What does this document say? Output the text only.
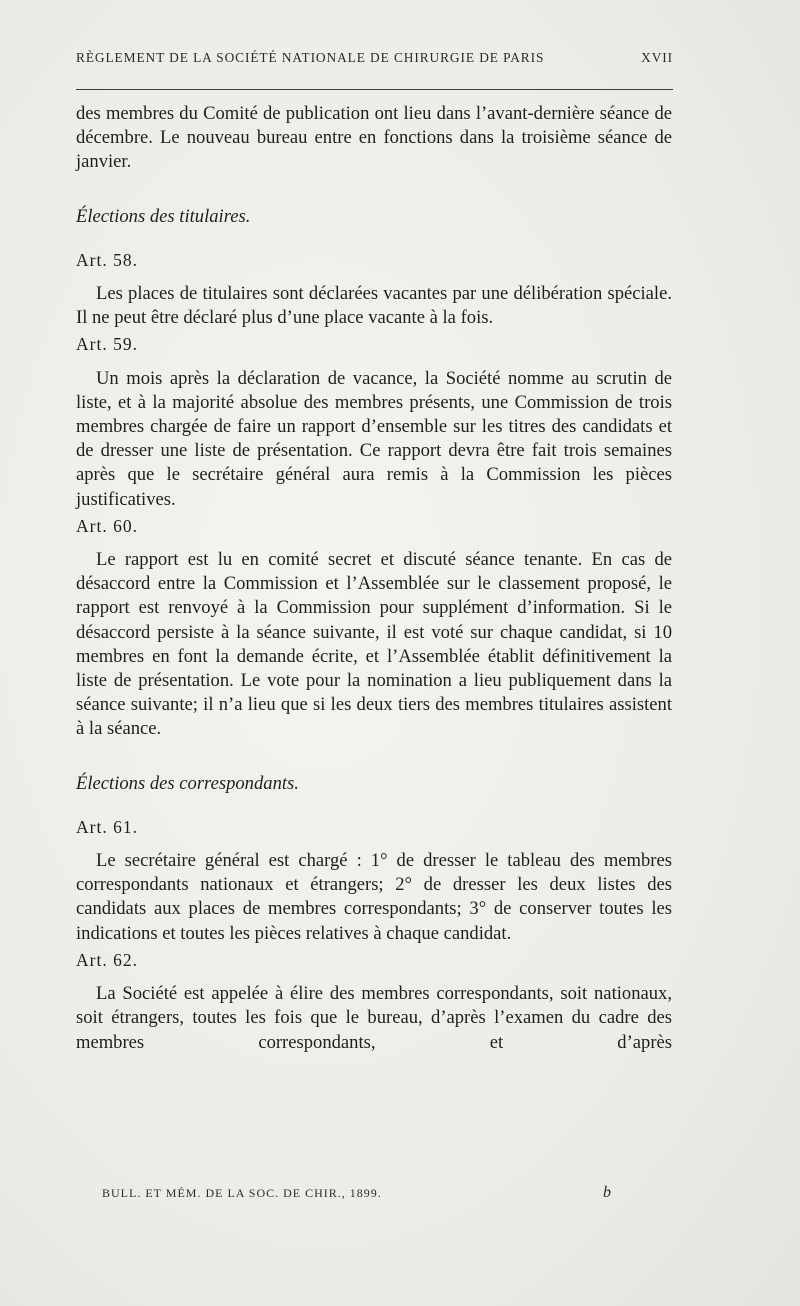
RÈGLEMENT DE LA SOCIÉTÉ NATIONALE DE CHIRURGIE DE PARIS	XVII

des membres du Comité de publication ont lieu dans l’avant-dernière séance de décembre. Le nouveau bureau entre en fonctions dans la troisième séance de janvier.

Élections des titulaires.

Art. 58.

Les places de titulaires sont déclarées vacantes par une délibération spéciale. Il ne peut être déclaré plus d’une place vacante à la fois.

Art. 59.

Un mois après la déclaration de vacance, la Société nomme au scrutin de liste, et à la majorité absolue des membres présents, une Commission de trois membres chargée de faire un rapport d’ensemble sur les titres des candidats et de dresser une liste de présentation. Ce rapport devra être fait trois semaines après que le secrétaire général aura remis à la Commission les pièces justificatives.

Art. 60.

Le rapport est lu en comité secret et discuté séance tenante. En cas de désaccord entre la Commission et l’Assemblée sur le classement proposé, le rapport est renvoyé à la Commission pour supplément d’information. Si le désaccord persiste à la séance suivante, il est voté sur chaque candidat, si 10 membres en font la demande écrite, et l’Assemblée établit définitivement la liste de présentation. Le vote pour la nomination a lieu publiquement dans la séance suivante; il n’a lieu que si les deux tiers des membres titulaires assistent à la séance.

Élections des correspondants.

Art. 61.

Le secrétaire général est chargé : 1° de dresser le tableau des membres correspondants nationaux et étrangers; 2° de dresser les deux listes des candidats aux places de membres correspondants; 3° de conserver toutes les indications et toutes les pièces relatives à chaque candidat.

Art. 62.

La Société est appelée à élire des membres correspondants, soit nationaux, soit étrangers, toutes les fois que le bureau, d’après l’examen du cadre des membres correspondants, et d’après

BULL. ET MÉM. DE LA SOC. DE CHIR., 1899.	b
